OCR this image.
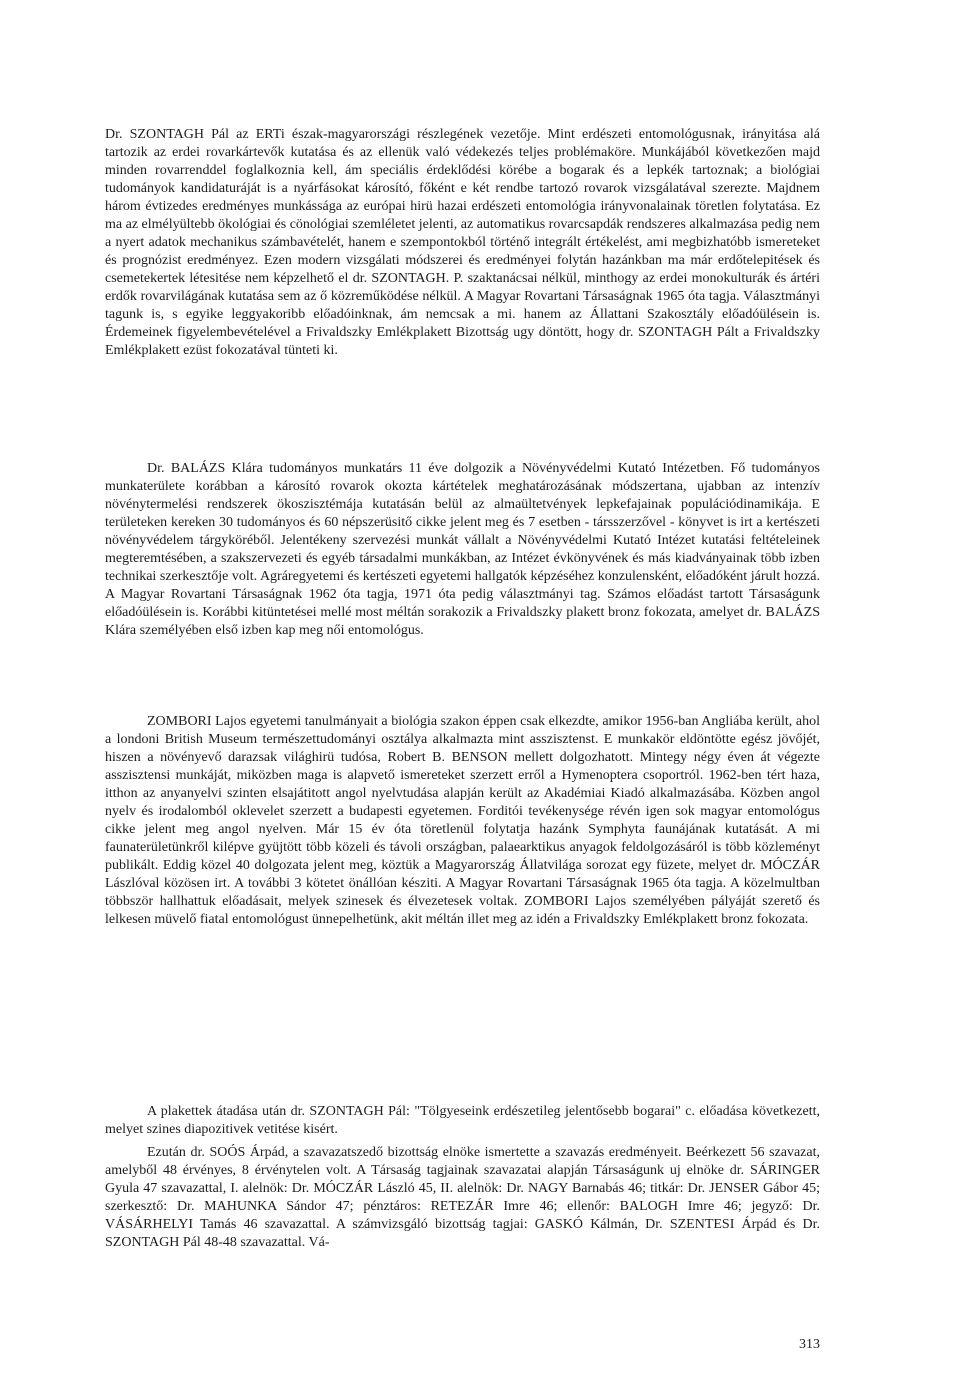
Dr. SZONTAGH Pál az ERTi észak-magyarországi részlegének vezetője. Mint erdészeti entomológusnak, irányitása alá tartozik az erdei rovarkártevők kutatása és az ellenük való védekezés teljes problémaköre. Munkájából következően majd minden rovarrenddel foglalkoznia kell, ám speciális érdeklődési körébe a bogarak és a lepkék tartoznak; a biológiai tudományok kandidaturáját is a nyárfásokat károsító, főként e két rendbe tartozó rovarok vizsgálatával szerezte. Majdnem három évtizedes eredményes munkássága az európai hirü hazai erdészeti entomológia irányvonalainak töretlen folytatása. Ez ma az elmélyültebb ökológiai és cönológiai szemléletet jelenti, az automatikus rovarcsapdák rendszeres alkalmazása pedig nem a nyert adatok mechanikus számbavételét, hanem e szempontokból történő integrált értékelést, ami megbizhatóbb ismereteket és prognózist eredményez. Ezen modern vizsgálati módszerei és eredményei folytán hazánkban ma már erdőtelepitések és csemetekertek létesitése nem képzelhető el dr. SZONTAGH. P. szaktanácsai nélkül, minthogy az erdei monokulturák és ártéri erdők rovarvilágának kutatása sem az ő közreműködése nélkül. A Magyar Rovartani Társaságnak 1965 óta tagja. Választmányi tagunk is, s egyike leggyakoribb előadóinknak, ám nemcsak a mi. hanem az Állattani Szakosztály előadóülésein is. Érdemeinek figyelembevételével a Frivaldszky Emlékplakett Bizottság ugy döntött, hogy dr. SZONTAGH Pált a Frivaldszky Emlékplakett ezüst fokozatával tünteti ki.

Dr. BALÁZS Klára tudományos munkatárs 11 éve dolgozik a Növényvédelmi Kutató Intézetben. Fő tudományos munkaterülete korábban a károsító rovarok okozta kártételek meghatározásának módszertana, ujabban az intenzív növénytermelési rendszerek ökoszisztémája kutatásán belül az almaültetvények lepkefajainak populációdinamikája. E területeken kereken 30 tudományos és 60 népszerüsitő cikke jelent meg és 7 esetben - társszerzővel - könyvet is irt a kertészeti növényvédelem tárgyköréből. Jelentékeny szervezési munkát vállalt a Növényvédelmi Kutató Intézet kutatási feltételeinek megteremtésében, a szakszervezeti és egyéb társadalmi munkákban, az Intézet évkönyvének és más kiadványainak több izben technikai szerkesztője volt. Agráregyetemi és kertészeti egyetemi hallgatók képzéséhez konzulensként, előadóként járult hozzá. A Magyar Rovartani Társaságnak 1962 óta tagja, 1971 óta pedig választmányi tag. Számos előadást tartott Társaságunk előadóülésein is. Korábbi kitüntetései mellé most méltán sorakozik a Frivaldszky plakett bronz fokozata, amelyet dr. BALÁZS Klára személyében első izben kap meg női entomológus.

ZOMBORI Lajos egyetemi tanulmányait a biológia szakon éppen csak elkezdte, amikor 1956-ban Angliába került, ahol a londoni British Museum természettudományi osztálya alkalmazta mint asszisztenst. E munkakör eldöntötte egész jövőjét, hiszen a növényevő darazsak világhirü tudósa, Robert B. BENSON mellett dolgozhatott. Mintegy négy éven át végezte asszisztensi munkáját, miközben maga is alapvető ismereteket szerzett erről a Hymenoptera csoportról. 1962-ben tért haza, itthon az anyanyelvi szinten elsajátitott angol nyelvtudása alapján került az Akadémiai Kiadó alkalmazásába. Közben angol nyelv és irodalomból oklevelet szerzett a budapesti egyetemen. Forditói tevékenysége révén igen sok magyar entomológus cikke jelent meg angol nyelven. Már 15 év óta töretlenül folytatja hazánk Symphyta faunájának kutatását. A mi faunaterületünkről kilépve gyüjtött több közeli és távoli országban, palaearktikus anyagok feldolgozásáról is több közleményt publikált. Eddig közel 40 dolgozata jelent meg, köztük a Magyarország Állatvilága sorozat egy füzete, melyet dr. MÓCZÁR Lászlóval közösen irt. A további 3 kötetet önállóan késziti. A Magyar Rovartani Társaságnak 1965 óta tagja. A közelmultban többször hallhattuk előadásait, melyek szinesek és élvezetesek voltak. ZOMBORI Lajos személyében pályáját szerető és lelkesen müvelő fiatal entomológust ünnepelhetünk, akit méltán illet meg az idén a Frivaldszky Emlékplakett bronz fokozata.

A plakettek átadása után dr. SZONTAGH Pál: "Tölgyeseink erdészetileg jelentősebb bogarai" c. előadása következett, melyet szines diapozitivek vetitése kisért.

Ezután dr. SOÓS Árpád, a szavazatszedő bizottság elnöke ismertette a szavazás eredményeit. Beérkezett 56 szavazat, amelyből 48 érvényes, 8 érvénytelen volt. A Társaság tagjainak szavazatai alapján Társaságunk uj elnöke dr. SÁRINGER Gyula 47 szavazattal, I. alelnök: Dr. MÓCZÁR László 45, II. alelnök: Dr. NAGY Barnabás 46; titkár: Dr. JENSER Gábor 45; szerkesztő: Dr. MAHUNKA Sándor 47; pénztáros: RETEZÁR Imre 46; ellenőr: BALOGH Imre 46; jegyző: Dr. VÁSÁRHELYI Tamás 46 szavazattal. A számvizsgáló bizottság tagjai: GASKÓ Kálmán, Dr. SZENTESI Árpád és Dr. SZONTAGH Pál 48-48 szavazattal. Vá-

313
